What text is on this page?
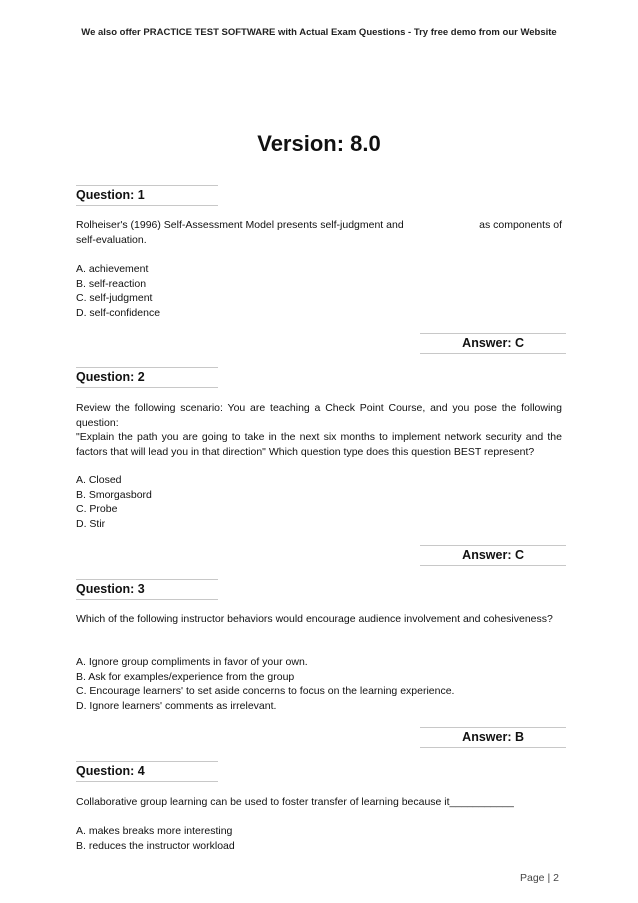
We also offer PRACTICE TEST SOFTWARE with Actual Exam Questions - Try free demo from our Website
Version: 8.0
Question: 1
Rolheiser's (1996) Self-Assessment Model presents self-judgment and	as components of
self-evaluation.
A. achievement
B. self-reaction
C. self-judgment
D. self-confidence
Answer: C
Question: 2

Review the following scenario: You are teaching a Check Point Course, and you pose the following question:

"Explain the path you are going to take in the next six months to implement network security and the factors that will lead you in that direction" Which question type does this question BEST represent?

A. Closed
B. Smorgasbord
C. Probe
D. Stir
Answer: C
Question: 3
Which of the following instructor behaviors would encourage audience involvement and cohesiveness?
A. Ignore group compliments in favor of your own.
B. Ask for examples/experience from the group
C. Encourage learners' to set aside concerns to focus on the learning experience.
D. Ignore learners' comments as irrelevant.
Answer: B
Question: 4
Collaborative group learning can be used to foster transfer of learning because it___________
A. makes breaks more interesting
B. reduces the instructor workload
Page | 2
